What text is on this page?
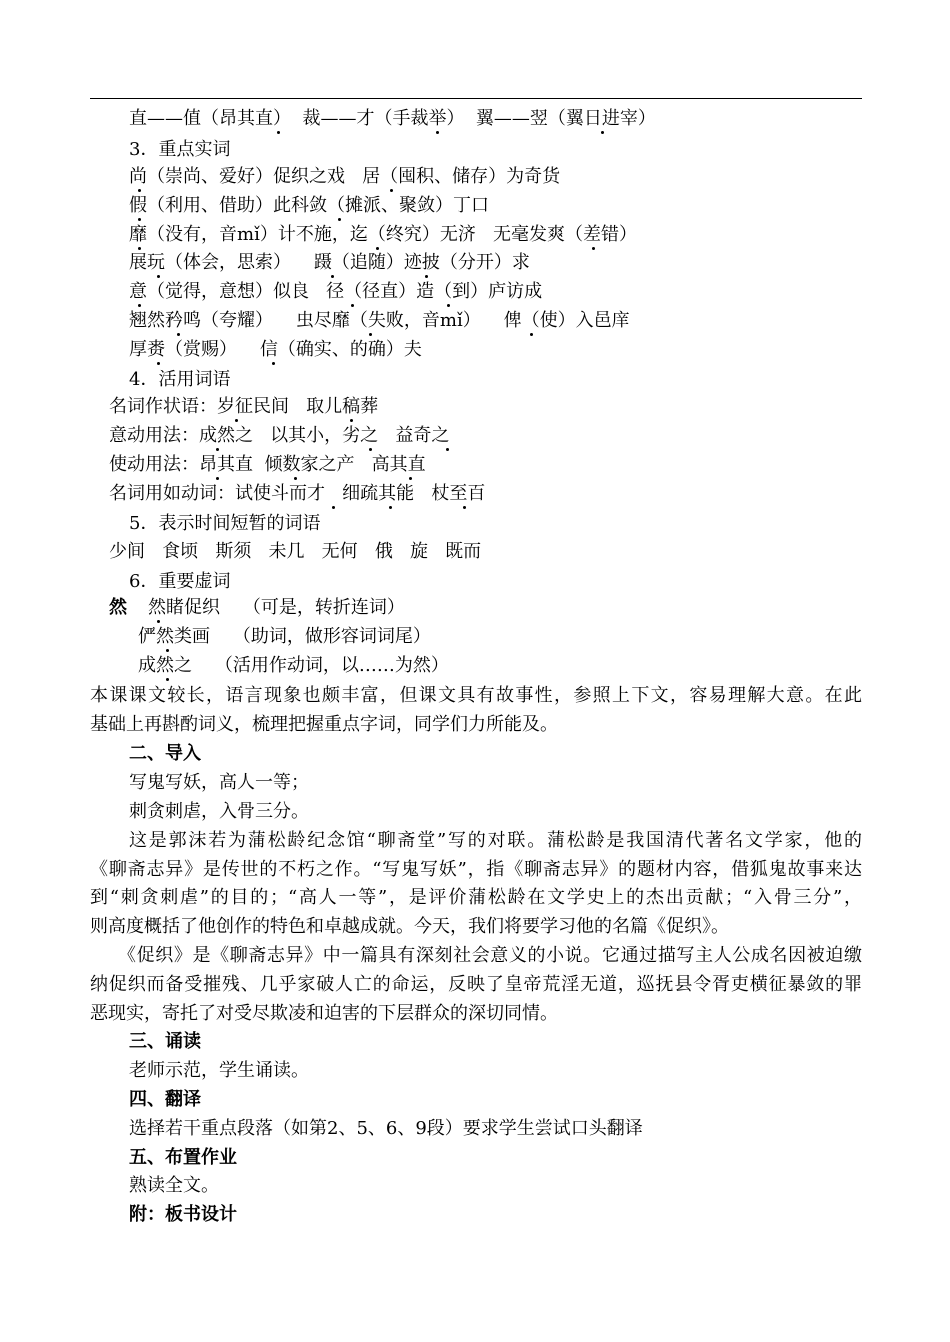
直——值（昂其直）  裁——才（手裁举）  翼——翌（翼日进宰）
3．重点实词
尚（崇尚、爱好）促织之戏   居（囤积、储存）为奇货
假（利用、借助）此科敛（摊派、聚敛）丁口
靡（没有，音mǐ）计不施，迄（终究）无济   无毫发爽（差错）
展玩（体会，思索）    蹑（追随）迹披（分开）求
意（觉得，意想）似良   径（径直）造（到）庐访成
翘然矜鸣（夸耀）    虫尽靡（失败，音mǐ）    俾（使）入邑庠
厚赉（赏赐）    信（确实、的确）夫
4．活用词语
名词作状语：岁征民间   取儿稿葬
意动用法：成然之   以其小，劣之   益奇之
使动用法：昂其直  倾数家之产   高其直
名词用如动词：试使斗而才   细疏其能   杖至百
5．表示时间短暂的词语
少间   食顷   斯须   未几   无何   俄   旋   既而
6．重要虚词
然 然睹促织    （可是，转折连词）
俨然类画    （助词，做形容词词尾）
成然之    （活用作动词，以……为然）
本课课文较长，语言现象也颇丰富，但课文具有故事性，参照上下文，容易理解大意。在此
基础上再斟酌词义，梳理把握重点字词，同学们力所能及。
二、导入
写鬼写妖，高人一等；
刺贪刺虐，入骨三分。
这是郭沫若为蒲松龄纪念馆“聊斋堂”写的对联。蒲松龄是我国清代著名文学家，他的
《聊斋志异》是传世的不朽之作。“写鬼写妖”，指《聊斋志异》的题材内容，借狐鬼故事来达
到“刺贪刺虐”的目的；“高人一等”，是评价蒲松龄在文学史上的杰出贡献；“入骨三分”，
则高度概括了他创作的特色和卓越成就。今天，我们将要学习他的名篇《促织》。
《促织》是《聊斋志异》中一篇具有深刻社会意义的小说。它通过描写主人公成名因被迫缴
纳促织而备受摧残、几乎家破人亡的命运，反映了皇帝荒淫无道，巡抚县令胥吏横征暴敛的罪
恶现实，寄托了对受尽欺凌和迫害的下层群众的深切同情。
三、诵读
老师示范，学生诵读。
四、翻译
选择若干重点段落（如第2、5、6、9段）要求学生尝试口头翻译
五、布置作业
熟读全文。
附：板书设计
